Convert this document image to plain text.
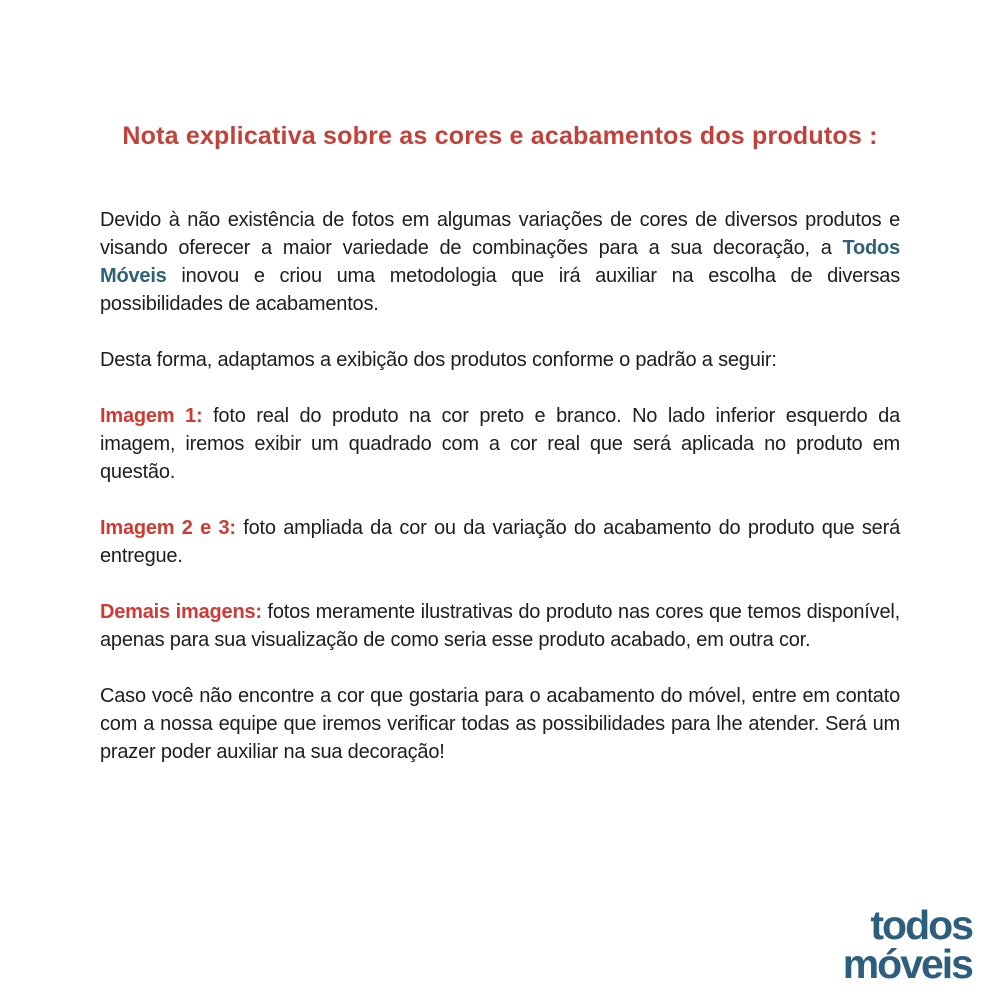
Nota explicativa sobre as cores e acabamentos dos produtos :

Devido à não existência de fotos em algumas variações de cores de diversos produtos e visando oferecer a maior variedade de combinações para a sua decoração, a Todos Móveis inovou e criou uma metodologia que irá auxiliar na escolha de diversas possibilidades de acabamentos.

Desta forma, adaptamos a exibição dos produtos conforme o padrão a seguir:

Imagem 1: foto real do produto na cor preto e branco. No lado inferior esquerdo da imagem, iremos exibir um quadrado com a cor real que será aplicada no produto em questão.

Imagem 2 e 3: foto ampliada da cor ou da variação do acabamento do produto que será entregue.

Demais imagens: fotos meramente ilustrativas do produto nas cores que temos disponível, apenas para sua visualização de como seria esse produto acabado, em outra cor.

Caso você não encontre a cor que gostaria para o acabamento do móvel, entre em contato com a nossa equipe que iremos verificar todas as possibilidades para lhe atender. Será um prazer poder auxiliar na sua decoração!

todos
móveis
